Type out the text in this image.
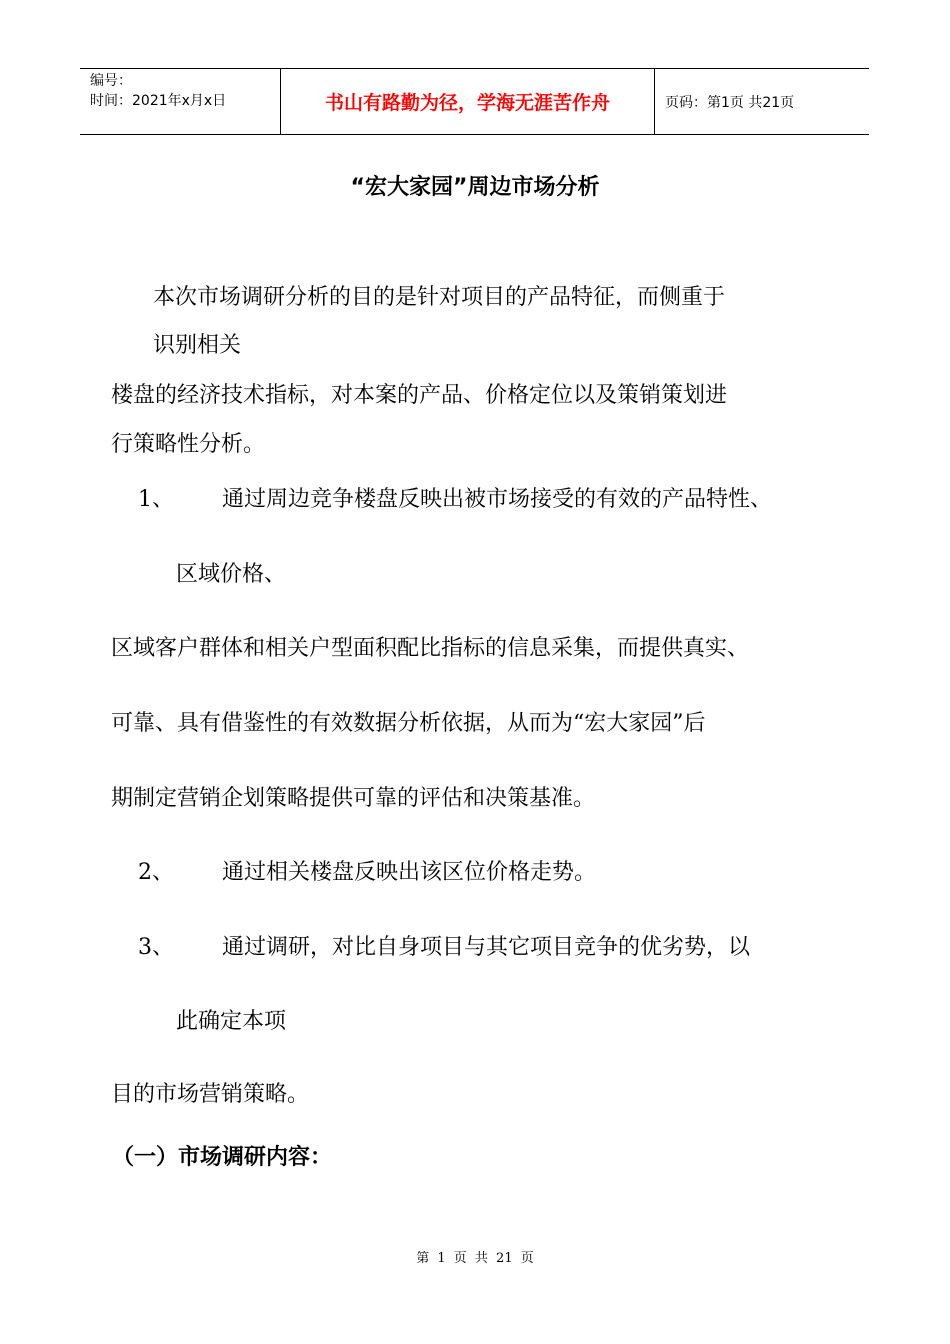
编号：
时间：2021年x月x日	书山有路勤为径，学海无涯苦作舟	页码：第1页 共21页
“宏大家园”周边市场分析
本次市场调研分析的目的是针对项目的产品特征，而侧重于
识别相关
楼盘的经济技术指标，对本案的产品、价格定位以及策销策划进
行策略性分析。
1、 通过周边竞争楼盘反映出被市场接受的有效的产品特性、
区域价格、
区域客户群体和相关户型面积配比指标的信息采集，而提供真实、
可靠、具有借鉴性的有效数据分析依据，从而为“宏大家园”后
期制定营销企划策略提供可靠的评估和决策基准。
2、 通过相关楼盘反映出该区位价格走势。
3、 通过调研，对比自身项目与其它项目竞争的优劣势，以
此确定本项
目的市场营销策略。
（一）市场调研内容：
第 1 页 共 21 页
